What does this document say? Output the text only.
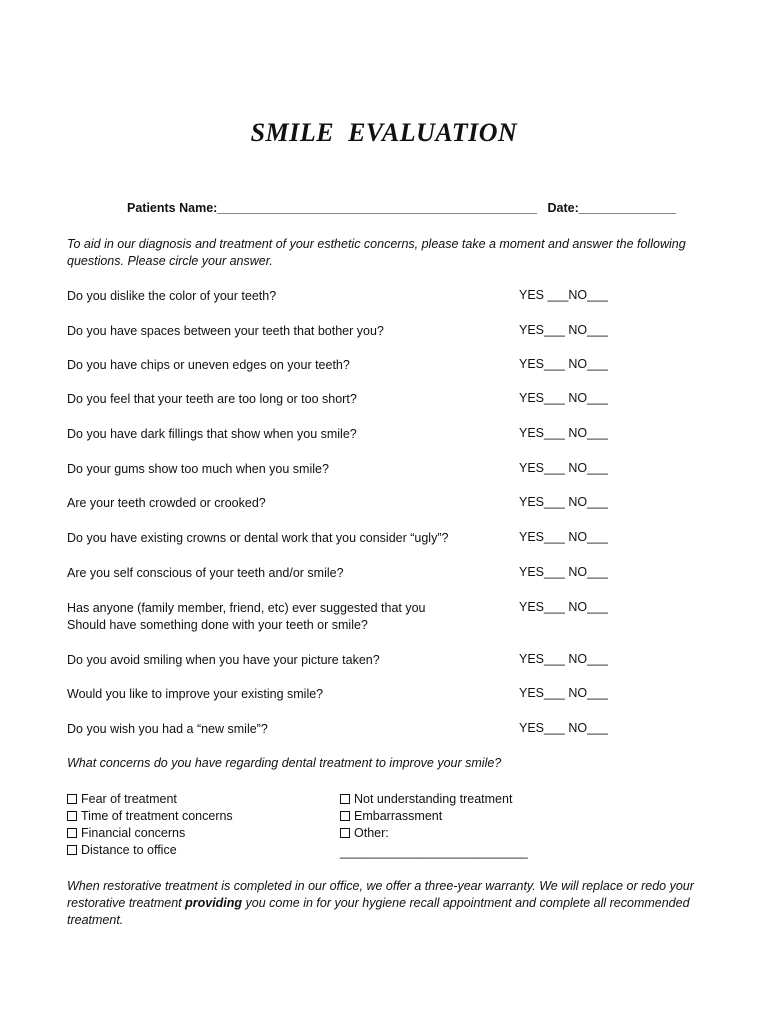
SMILE  EVALUATION
Patients Name:______________________________________________ Date:______________
To aid in our diagnosis and treatment of your esthetic concerns, please take a moment and answer the following questions. Please circle your answer.
Do you dislike the color of your teeth?	YES ___NO___
Do you have spaces between your teeth that bother you?	YES___ NO___
Do you have chips or uneven edges on your teeth?	YES___ NO___
Do you feel that your teeth are too long or too short?	YES___ NO___
Do you have dark fillings that show when you smile?	YES___ NO___
Do your gums show too much when you smile?	YES___ NO___
Are your teeth crowded or crooked?	YES___ NO___
Do you have existing crowns or dental work that you consider “ugly”?	YES___ NO___
Are you self conscious of your teeth and/or smile?	YES___ NO___
Has anyone (family member, friend, etc) ever suggested that you
Should have something done with your teeth or smile?
YES___ NO___
Do you avoid smiling when you have your picture taken?	YES___ NO___
Would you like to improve your existing smile?	YES___ NO___
Do you wish you had a “new smile”?	YES___ NO___
What concerns do you have regarding dental treatment to improve your smile?
Fear of treatment
Time of treatment concerns
Financial concerns
Distance to office
Not understanding treatment
Embarrassment
Other:
___________________________
When restorative treatment is completed in our office, we offer a three-year warranty. We will replace or redo your restorative treatment providing you come in for your hygiene recall appointment and complete all recommended treatment.
